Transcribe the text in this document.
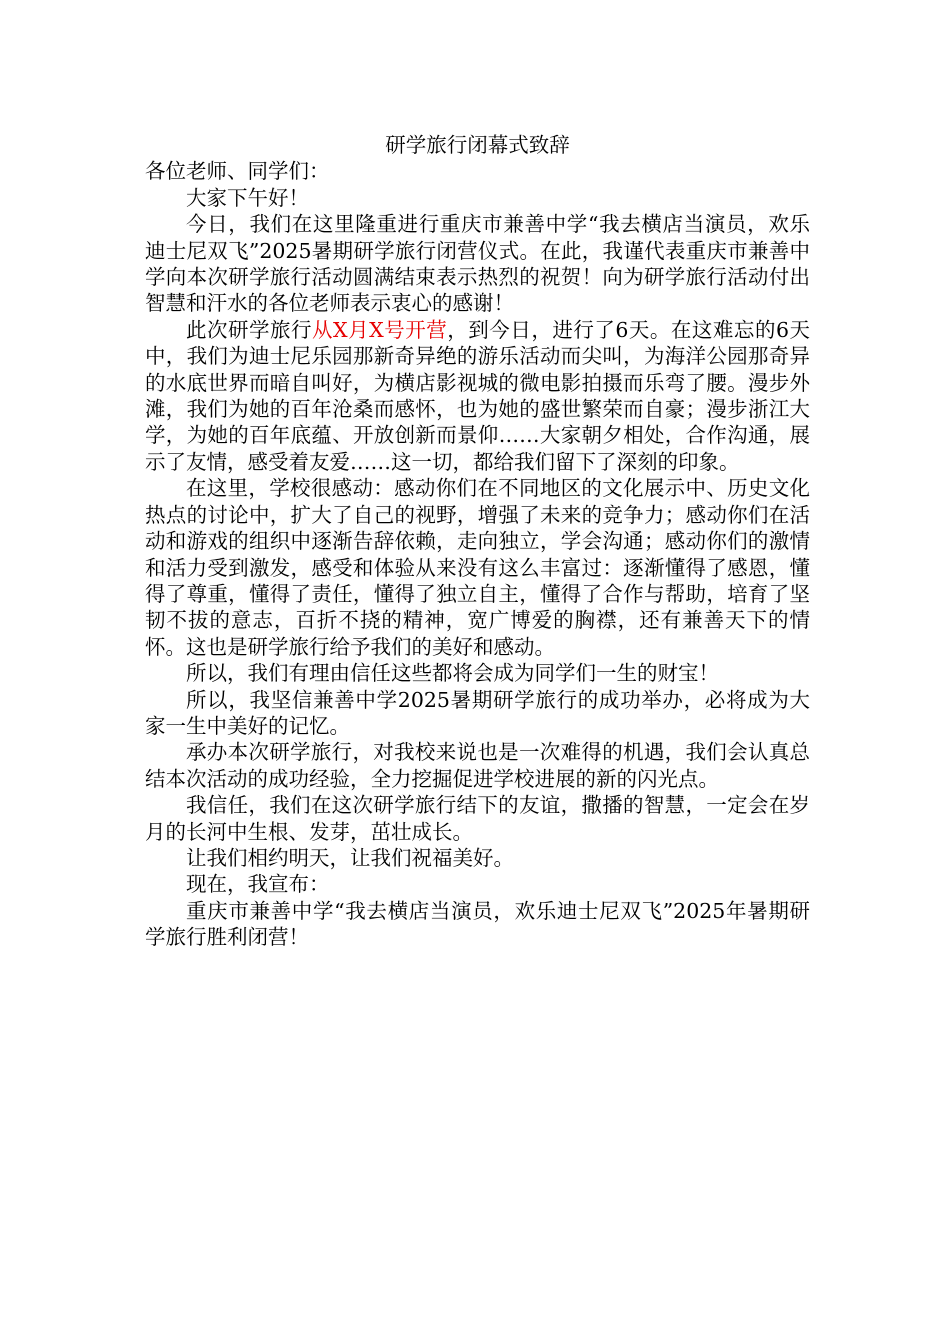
研学旅行闭幕式致辞

各位老师、同学们：

大家下午好！

今日，我们在这里隆重进行重庆市兼善中学“我去横店当演员，欢乐迪士尼双飞”2025暑期研学旅行闭营仪式。在此，我谨代表重庆市兼善中学向本次研学旅行活动圆满结束表示热烈的祝贺！向为研学旅行活动付出智慧和汗水的各位老师表示衷心的感谢！

此次研学旅行从X月X号开营，到今日，进行了6天。在这难忘的6天中，我们为迪士尼乐园那新奇异绝的游乐活动而尖叫，为海洋公园那奇异的水底世界而暗自叫好，为横店影视城的微电影拍摄而乐弯了腰。漫步外滩，我们为她的百年沧桑而感怀，也为她的盛世繁荣而自豪；漫步浙江大学，为她的百年底蕴、开放创新而景仰……大家朝夕相处，合作沟通，展示了友情，感受着友爱……这一切，都给我们留下了深刻的印象。

在这里，学校很感动：感动你们在不同地区的文化展示中、历史文化热点的讨论中，扩大了自己的视野，增强了未来的竞争力；感动你们在活动和游戏的组织中逐渐告辞依赖，走向独立，学会沟通；感动你们的激情和活力受到激发，感受和体验从来没有这么丰富过：逐渐懂得了感恩，懂得了尊重，懂得了责任，懂得了独立自主，懂得了合作与帮助，培育了坚韧不拔的意志，百折不挠的精神，宽广博爱的胸襟，还有兼善天下的情怀。这也是研学旅行给予我们的美好和感动。

所以，我们有理由信任这些都将会成为同学们一生的财宝！

所以，我坚信兼善中学2025暑期研学旅行的成功举办，必将成为大家一生中美好的记忆。

承办本次研学旅行，对我校来说也是一次难得的机遇，我们会认真总结本次活动的成功经验，全力挖掘促进学校进展的新的闪光点。

我信任，我们在这次研学旅行结下的友谊，撒播的智慧，一定会在岁月的长河中生根、发芽，茁壮成长。

让我们相约明天，让我们祝福美好。

现在，我宣布：

重庆市兼善中学“我去横店当演员，欢乐迪士尼双飞”2025年暑期研学旅行胜利闭营！
